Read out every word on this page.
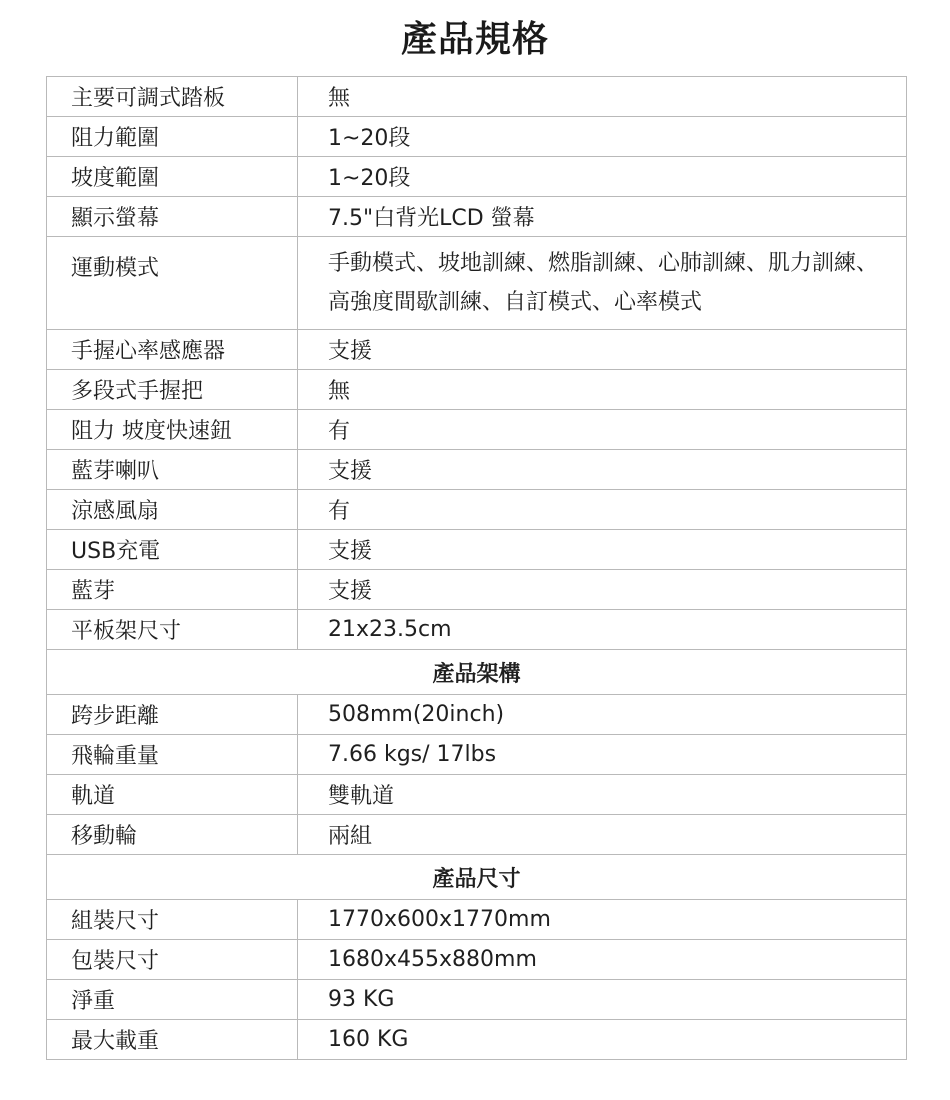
產品規格
主要可調式踏板	無
阻力範圍	1~20段
坡度範圍	1~20段
顯示螢幕	7.5"白背光LCD 螢幕
運動模式	手動模式、坡地訓練、燃脂訓練、心肺訓練、肌力訓練、高強度間歇訓練、自訂模式、心率模式
手握心率感應器	支援
多段式手握把	無
阻力 坡度快速鈕	有
藍芽喇叭	支援
涼感風扇	有
USB充電	支援
藍芽	支援
平板架尺寸	21x23.5cm
產品架構	
跨步距離	508mm(20inch)
飛輪重量	7.66 kgs/ 17lbs
軌道	雙軌道
移動輪	兩組
產品尺寸	
組裝尺寸	1770x600x1770mm
包裝尺寸	1680x455x880mm
淨重	93 KG
最大載重	160 KG
